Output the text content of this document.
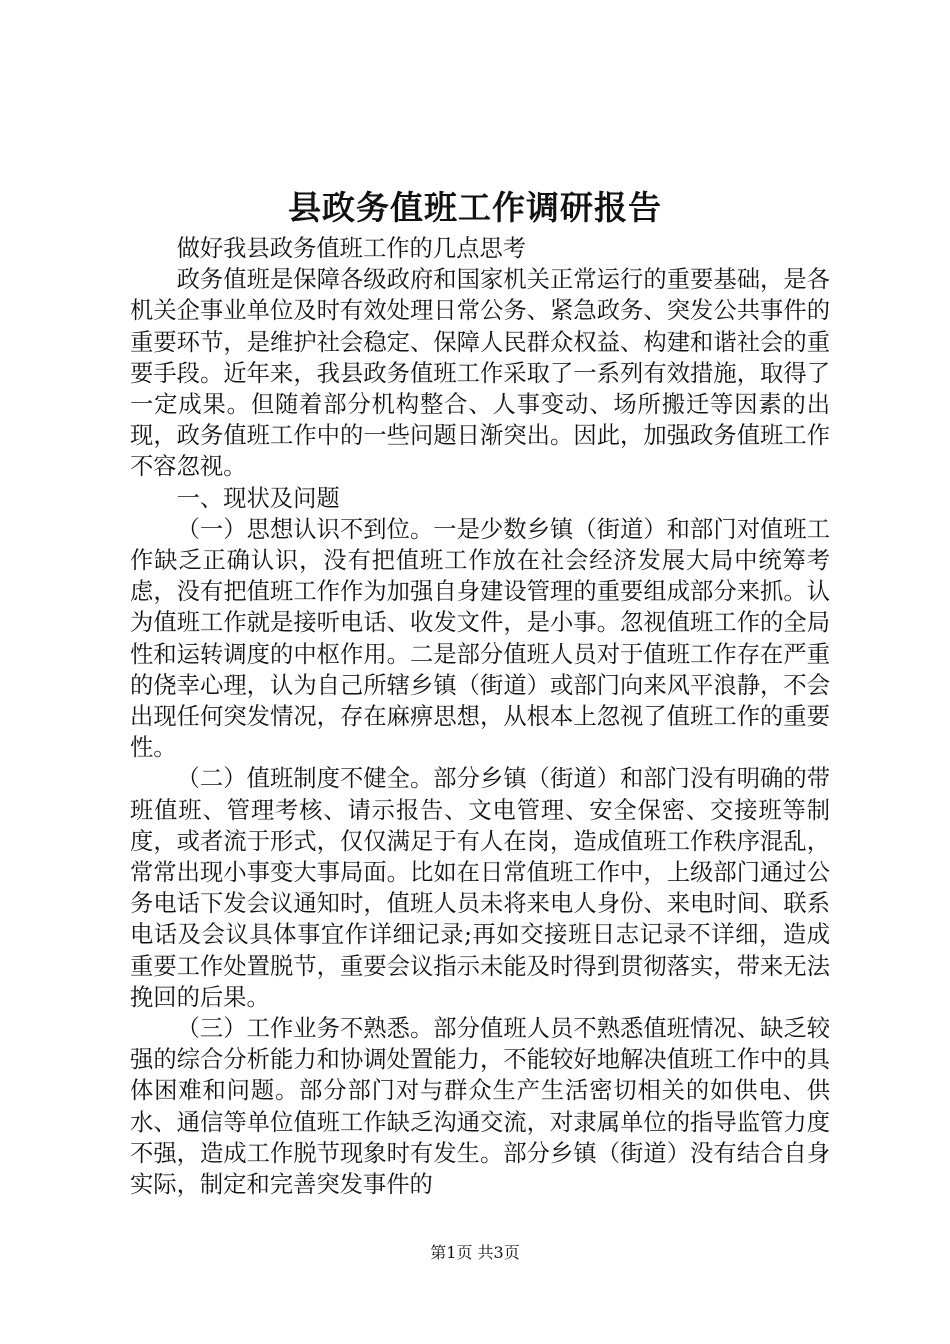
县政务值班工作调研报告

做好我县政务值班工作的几点思考

政务值班是保障各级政府和国家机关正常运行的重要基础，是各机关企事业单位及时有效处理日常公务、紧急政务、突发公共事件的重要环节，是维护社会稳定、保障人民群众权益、构建和谐社会的重要手段。近年来，我县政务值班工作采取了一系列有效措施，取得了一定成果。但随着部分机构整合、人事变动、场所搬迁等因素的出现，政务值班工作中的一些问题日渐突出。因此，加强政务值班工作不容忽视。

一、现状及问题

（一）思想认识不到位。一是少数乡镇（街道）和部门对值班工作缺乏正确认识，没有把值班工作放在社会经济发展大局中统筹考虑，没有把值班工作作为加强自身建设管理的重要组成部分来抓。认为值班工作就是接听电话、收发文件，是小事。忽视值班工作的全局性和运转调度的中枢作用。二是部分值班人员对于值班工作存在严重的侥幸心理，认为自己所辖乡镇（街道）或部门向来风平浪静，不会出现任何突发情况，存在麻痹思想，从根本上忽视了值班工作的重要性。

（二）值班制度不健全。部分乡镇（街道）和部门没有明确的带班值班、管理考核、请示报告、文电管理、安全保密、交接班等制度，或者流于形式，仅仅满足于有人在岗，造成值班工作秩序混乱，常常出现小事变大事局面。比如在日常值班工作中，上级部门通过公务电话下发会议通知时，值班人员未将来电人身份、来电时间、联系电话及会议具体事宜作详细记录;再如交接班日志记录不详细，造成重要工作处置脱节，重要会议指示未能及时得到贯彻落实，带来无法挽回的后果。

（三）工作业务不熟悉。部分值班人员不熟悉值班情况、缺乏较强的综合分析能力和协调处置能力，不能较好地解决值班工作中的具体困难和问题。部分部门对与群众生产生活密切相关的如供电、供水、通信等单位值班工作缺乏沟通交流，对隶属单位的指导监管力度不强，造成工作脱节现象时有发生。部分乡镇（街道）没有结合自身实际，制定和完善突发事件的

第1页 共3页
